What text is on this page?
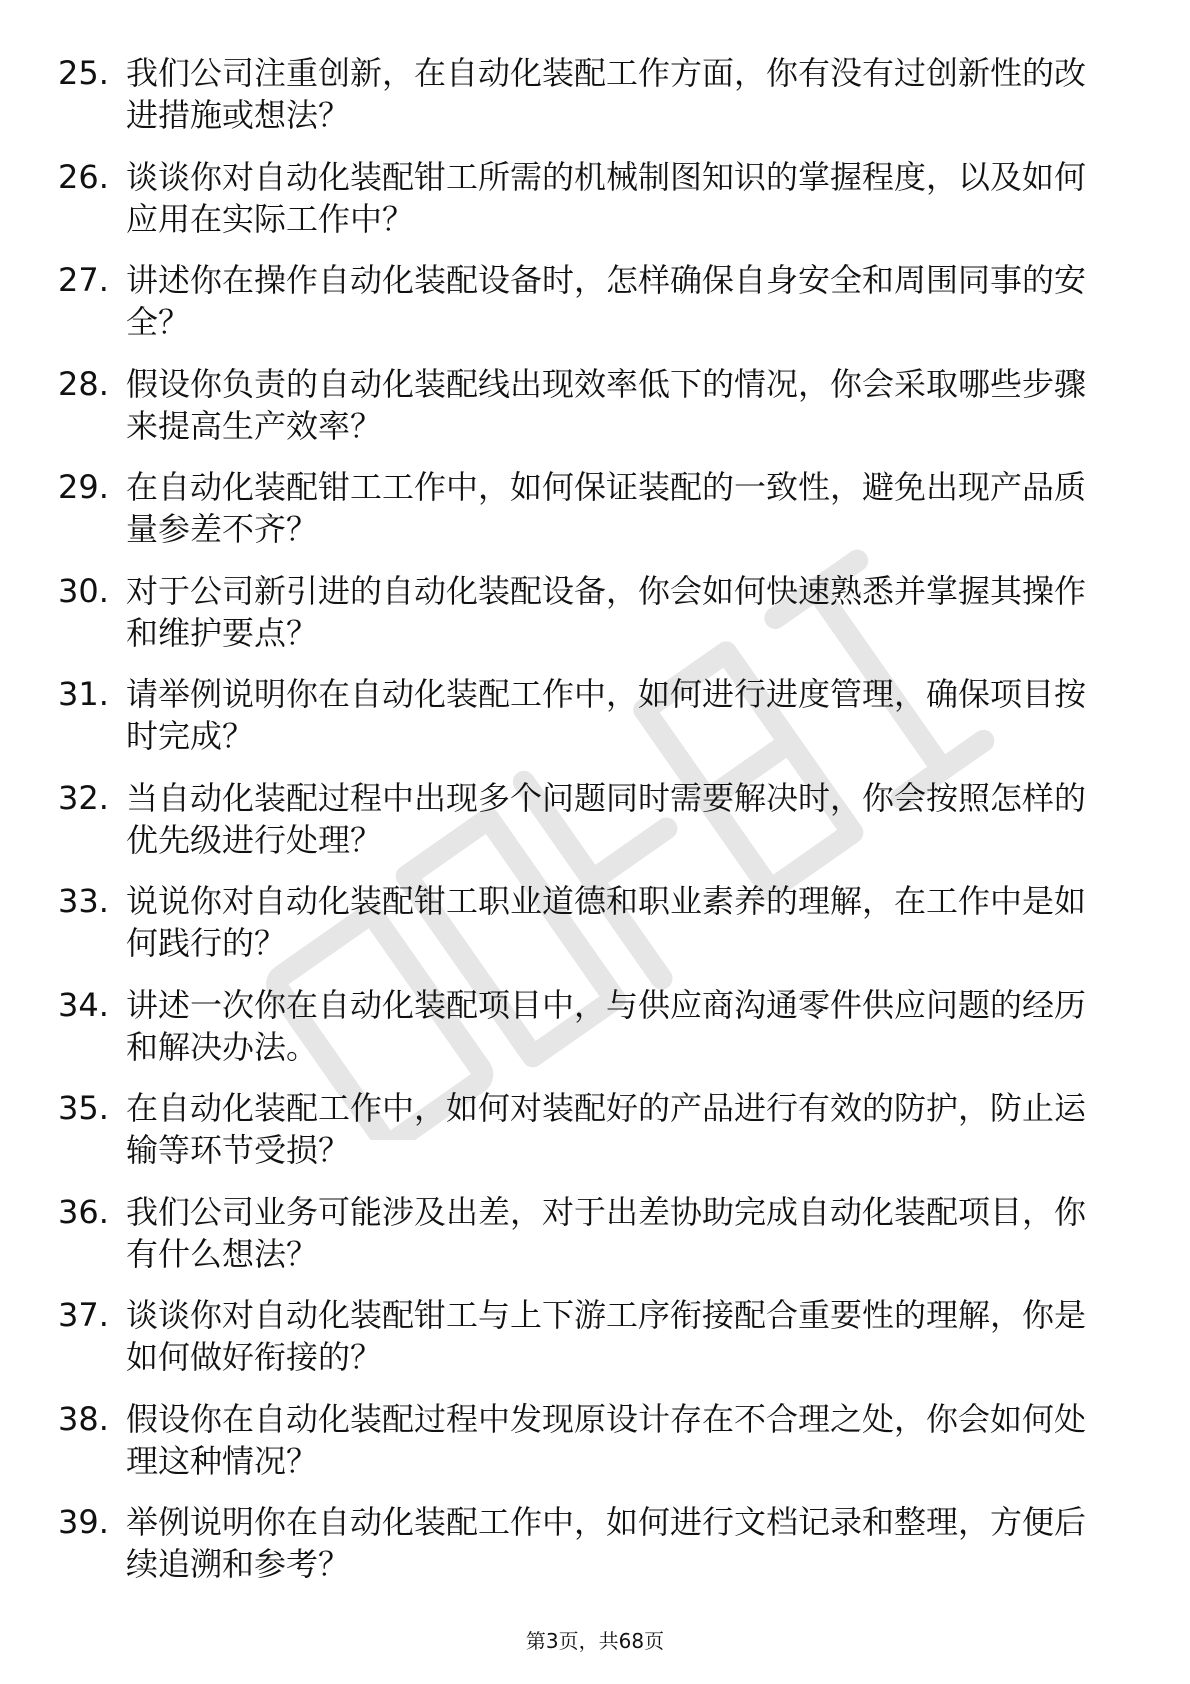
25. 我们公司注重创新，在自动化装配工作方面，你有没有过创新性的改进措施或想法？
26. 谈谈你对自动化装配钳工所需的机械制图知识的掌握程度，以及如何应用在实际工作中？
27. 讲述你在操作自动化装配设备时，怎样确保自身安全和周围同事的安全？
28. 假设你负责的自动化装配线出现效率低下的情况，你会采取哪些步骤来提高生产效率？
29. 在自动化装配钳工工作中，如何保证装配的一致性，避免出现产品质量参差不齐？
30. 对于公司新引进的自动化装配设备，你会如何快速熟悉并掌握其操作和维护要点？
31. 请举例说明你在自动化装配工作中，如何进行进度管理，确保项目按时完成？
32. 当自动化装配过程中出现多个问题同时需要解决时，你会按照怎样的优先级进行处理？
33. 说说你对自动化装配钳工职业道德和职业素养的理解，在工作中是如何践行的？
34. 讲述一次你在自动化装配项目中，与供应商沟通零件供应问题的经历和解决办法。
35. 在自动化装配工作中，如何对装配好的产品进行有效的防护，防止运输等环节受损？
36. 我们公司业务可能涉及出差，对于出差协助完成自动化装配项目，你有什么想法？
37. 谈谈你对自动化装配钳工与上下游工序衔接配合重要性的理解，你是如何做好衔接的？
38. 假设你在自动化装配过程中发现原设计存在不合理之处，你会如何处理这种情况？
39. 举例说明你在自动化装配工作中，如何进行文档记录和整理，方便后续追溯和参考？
第3页，共68页
